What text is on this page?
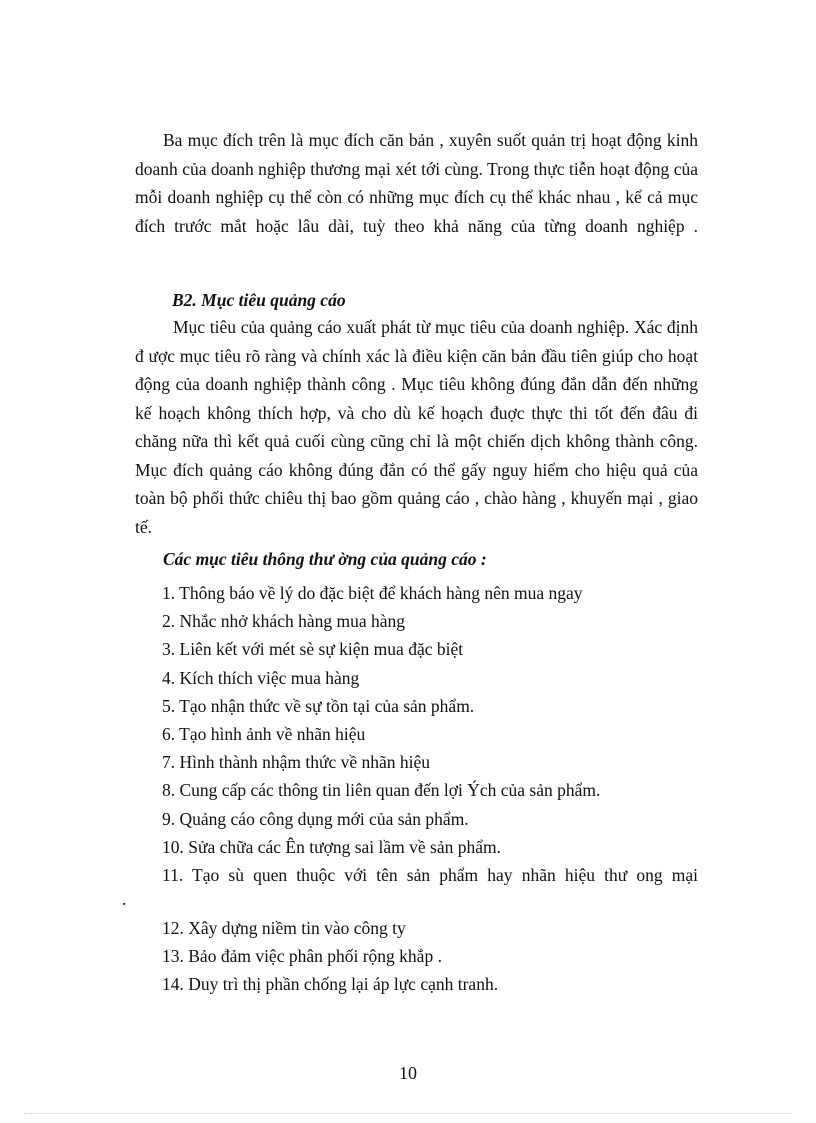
Ba mục đích trên là mục đích căn bản , xuyên suốt quản trị hoạt động kinh doanh của doanh nghiệp thương mại xét tới cùng. Trong thực tiễn hoạt động của mỗi doanh nghiệp cụ thể còn có những mục đích cụ thể khác nhau , kể cả mục đích trước mắt hoặc lâu dài, tuỳ theo khả năng của từng doanh nghiệp .

B2. Mục tiêu quảng cáo

Mục tiêu của quảng cáo xuất phát từ mục tiêu của doanh nghiệp. Xác định đ ược mục tiêu rõ ràng và chính xác là điều kiện căn bản đầu tiên giúp cho hoạt động của doanh nghiệp thành công . Mục tiêu không đúng đắn dẫn đến những kế hoạch không thích hợp, và cho dù kế hoạch đuợc thực thi tốt đến đâu đi chăng nữa thì kết quả cuối cùng cũng chỉ là một chiến dịch không thành công. Mục đích quảng cáo không đúng đắn có thể gấy nguy hiểm cho hiệu quả của toàn bộ phối thức chiêu thị bao gồm quảng cáo , chào hàng , khuyến mại , giao tế.

Các mục tiêu thông thư ờng của quảng cáo :

1. Thông báo về lý do đặc biệt để khách hàng nên mua ngay
2. Nhắc nhở khách hàng mua hàng
3. Liên kết với mét sè sự kiện mua đặc biệt
4. Kích thích việc mua hàng
5. Tạo nhận thức về sự tồn tại của sản phẩm.
6. Tạo hình ảnh về nhãn hiệu
7. Hình thành nhậm thức về nhãn hiệu
8. Cung cấp các thông tin liên quan đến lợi Ých của sản phẩm.
9. Quảng cáo công dụng mới của sản phẩm.
10. Sửa chữa các Ên tượng sai lầm về sản phẩm.
11. Tạo sù quen thuộc với tên sản phẩm hay nhãn hiệu thư ong mại
.
12. Xây dựng niềm tin vào công ty
13. Bảo đảm việc phân phối rộng khắp .
14. Duy trì thị phần chống lại áp lực cạnh tranh.
10
